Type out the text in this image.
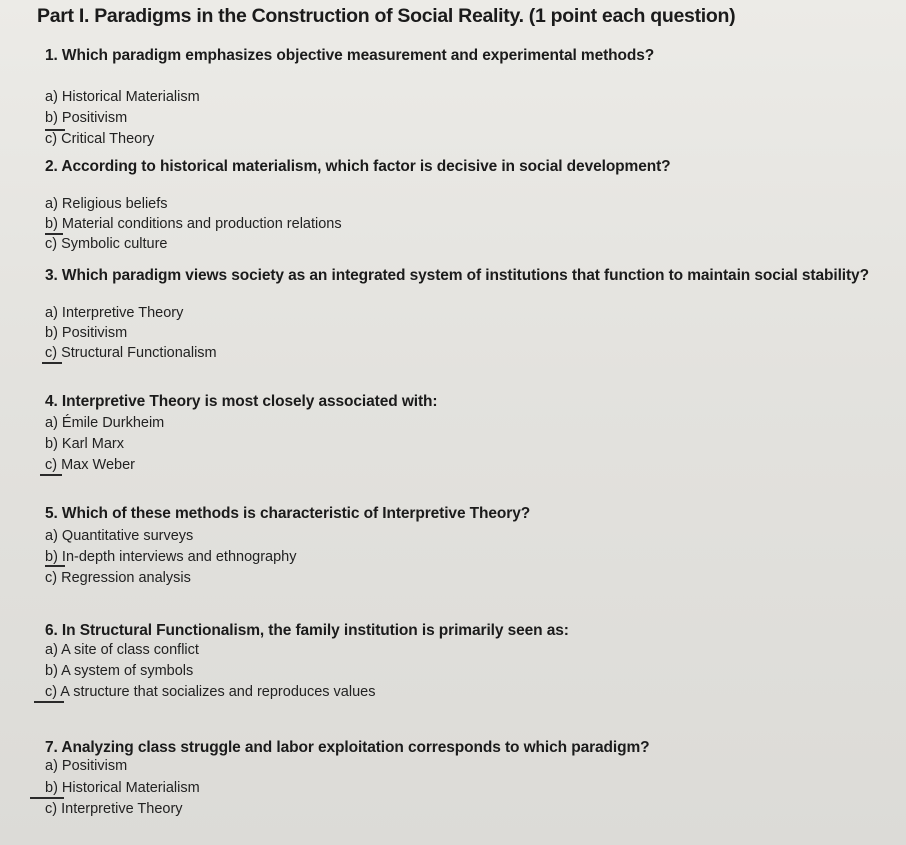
Part I. Paradigms in the Construction of Social Reality. (1 point each question)
1. Which paradigm emphasizes objective measurement and experimental methods?
a) Historical Materialism
b) Positivism
c) Critical Theory
2. According to historical materialism, which factor is decisive in social development?
a) Religious beliefs
b) Material conditions and production relations
c) Symbolic culture
3. Which paradigm views society as an integrated system of institutions that function to maintain social stability?
a) Interpretive Theory
b) Positivism
c) Structural Functionalism
4. Interpretive Theory is most closely associated with:
a) Émile Durkheim
b) Karl Marx
c) Max Weber
5. Which of these methods is characteristic of Interpretive Theory?
a) Quantitative surveys
b) In-depth interviews and ethnography
c) Regression analysis
6. In Structural Functionalism, the family institution is primarily seen as:
a) A site of class conflict
b) A system of symbols
c) A structure that socializes and reproduces values
7. Analyzing class struggle and labor exploitation corresponds to which paradigm?
a) Positivism
b) Historical Materialism
c) Interpretive Theory
